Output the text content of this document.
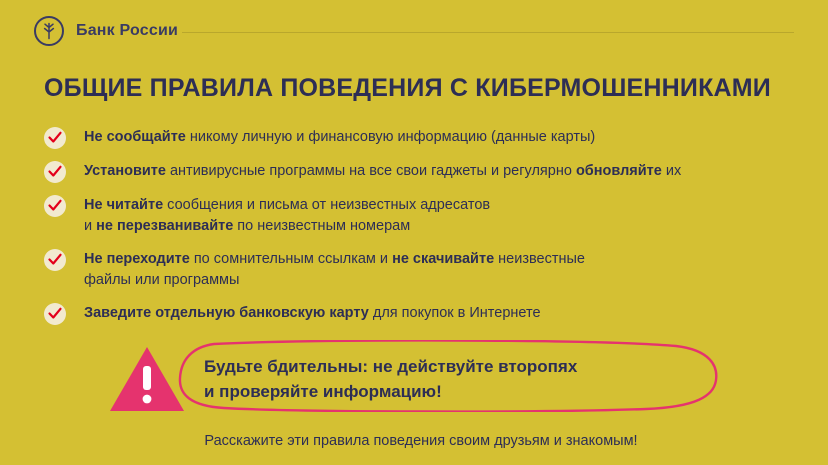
Банк России
ОБЩИЕ ПРАВИЛА ПОВЕДЕНИЯ С КИБЕРМОШЕННИКАМИ
Не сообщайте никому личную и финансовую информацию (данные карты)
Установите антивирусные программы на все свои гаджеты и регулярно обновляйте их
Не читайте сообщения и письма от неизвестных адресатов
и не перезванивайте по неизвестным номерам
Не переходите по сомнительным ссылкам и не скачивайте неизвестные
файлы или программы
Заведите отдельную банковскую карту для покупок в Интернете
Будьте бдительны: не действуйте второпях
и проверяйте информацию!
Расскажите эти правила поведения своим друзьям и знакомым!
